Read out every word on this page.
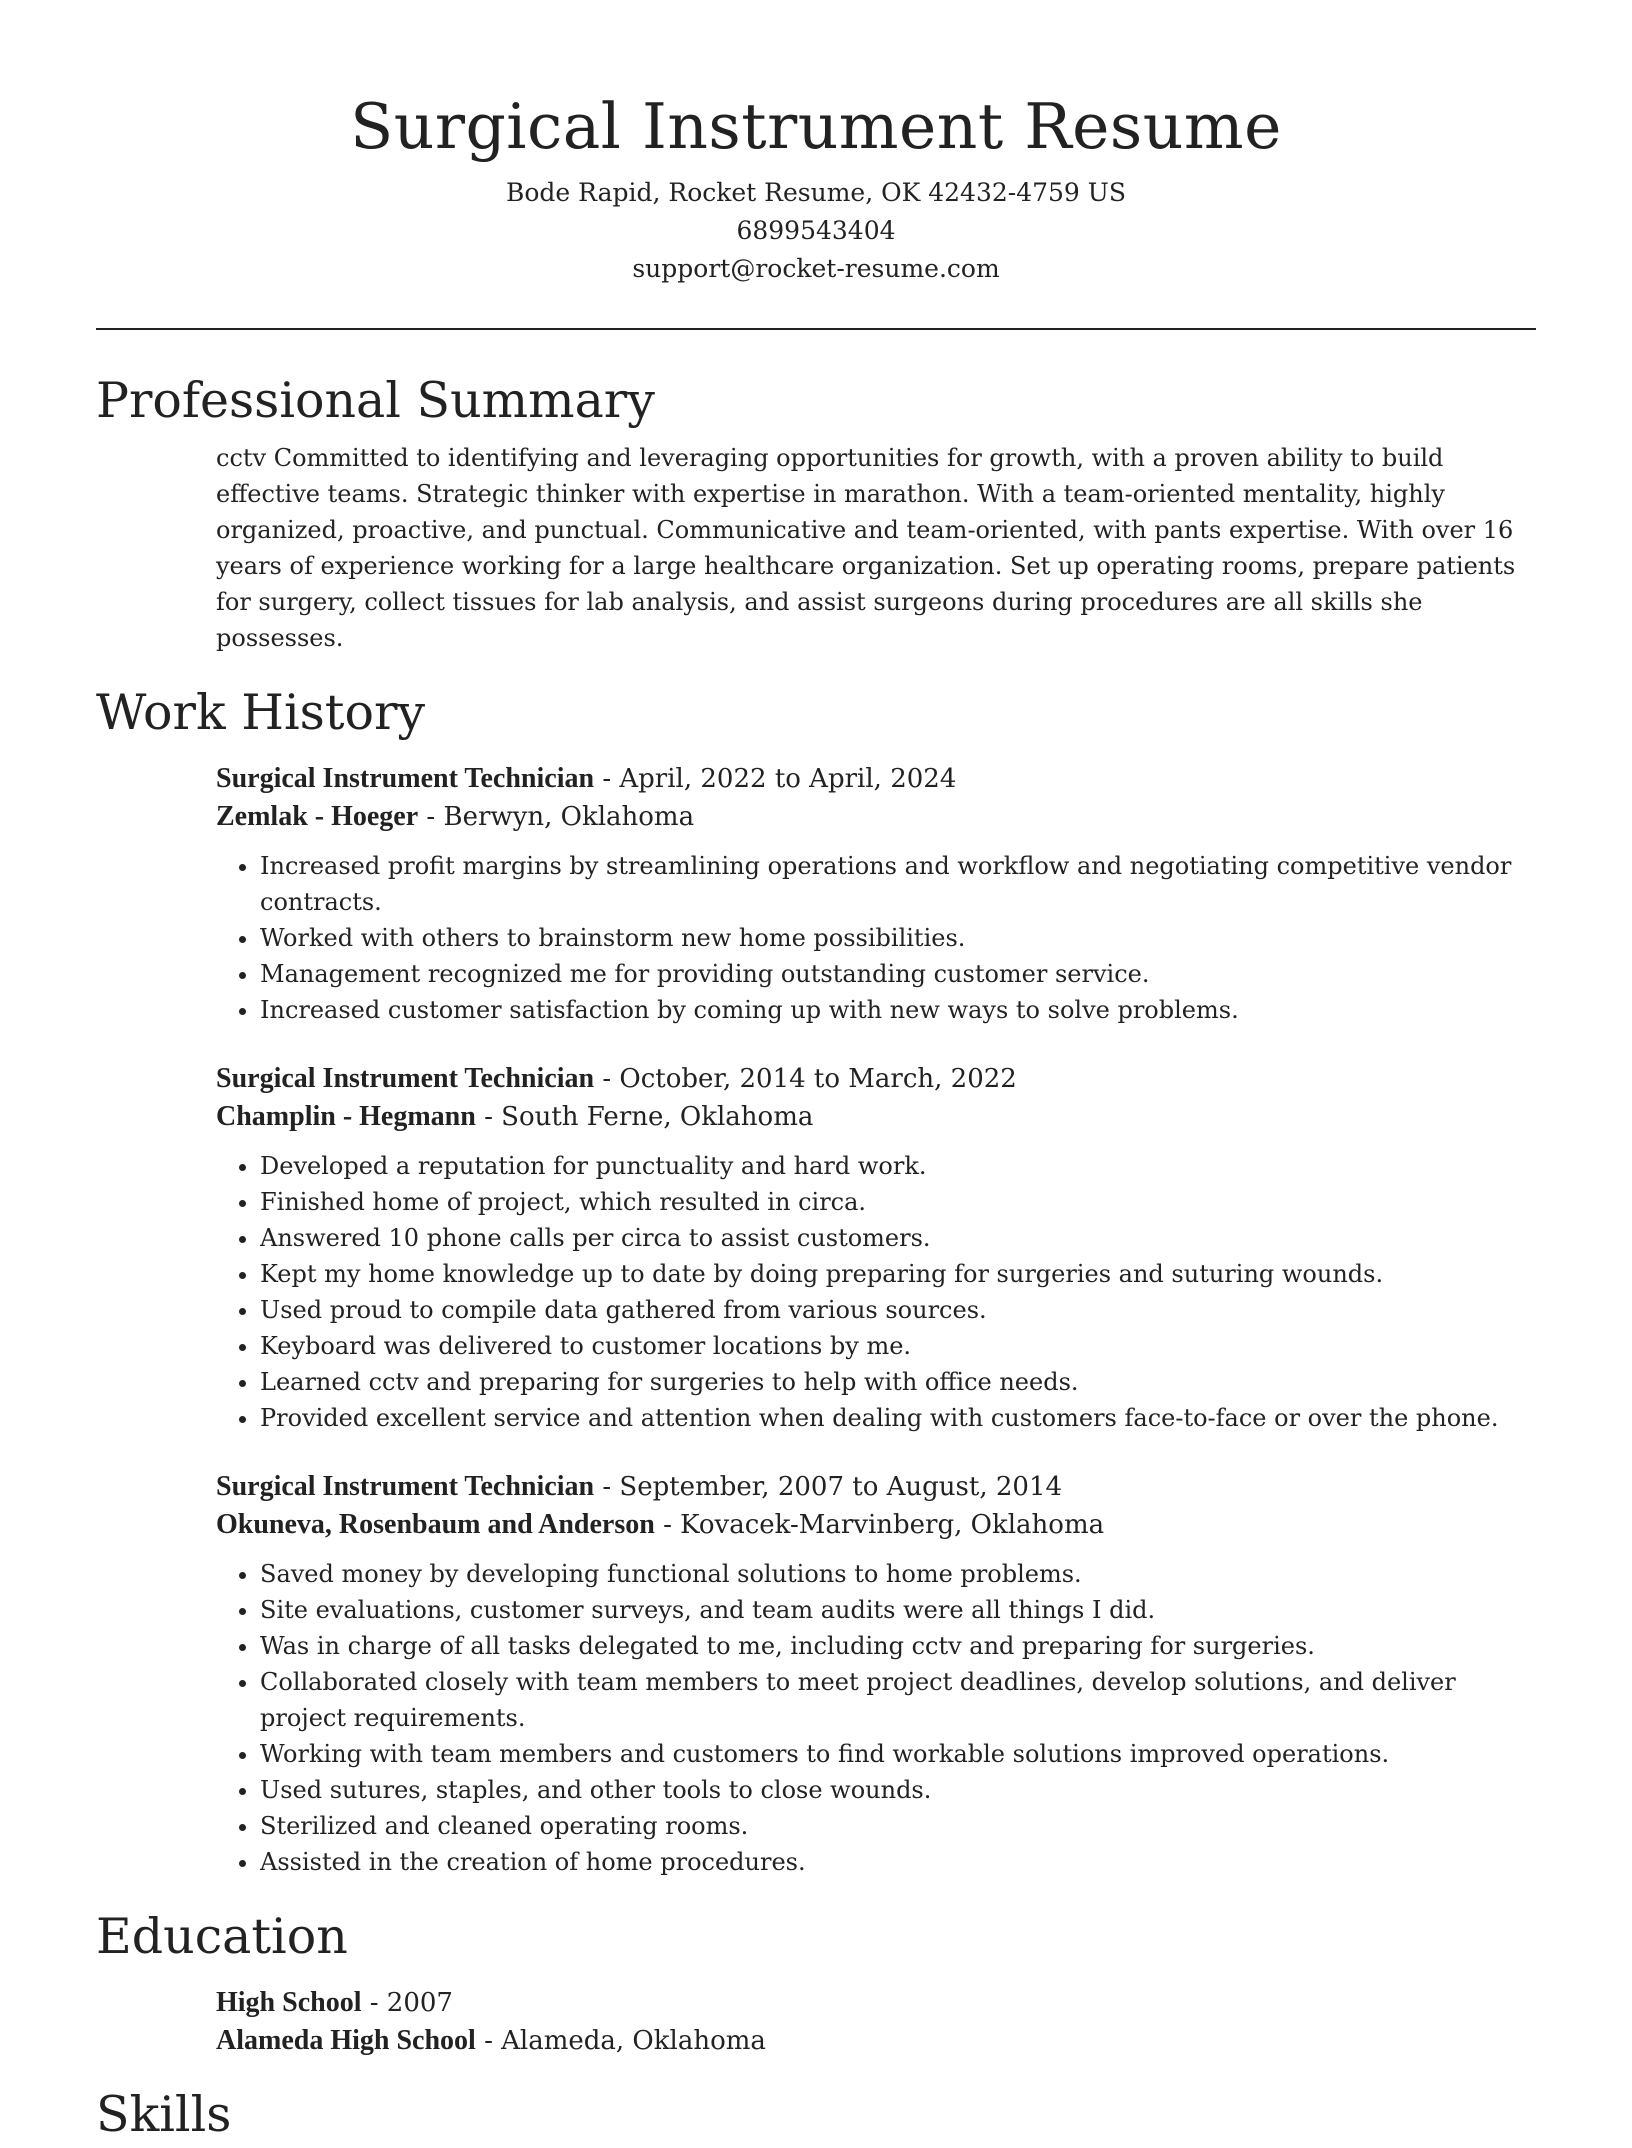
Surgical Instrument Resume
Bode Rapid, Rocket Resume, OK 42432-4759 US
6899543404
support@rocket-resume.com
Professional Summary

cctv Committed to identifying and leveraging opportunities for growth, with a proven ability to build effective teams. Strategic thinker with expertise in marathon. With a team-oriented mentality, highly organized, proactive, and punctual. Communicative and team-oriented, with pants expertise. With over 16 years of experience working for a large healthcare organization. Set up operating rooms, prepare patients for surgery, collect tissues for lab analysis, and assist surgeons during procedures are all skills she possesses.

Work History
Surgical Instrument Technician - April, 2022 to April, 2024
Zemlak - Hoeger - Berwyn, Oklahoma
• Increased profit margins by streamlining operations and workflow and negotiating competitive vendor contracts.
• Worked with others to brainstorm new home possibilities.
• Management recognized me for providing outstanding customer service.
• Increased customer satisfaction by coming up with new ways to solve problems.
Surgical Instrument Technician - October, 2014 to March, 2022
Champlin - Hegmann - South Ferne, Oklahoma
• Developed a reputation for punctuality and hard work.
• Finished home of project, which resulted in circa.
• Answered 10 phone calls per circa to assist customers.
• Kept my home knowledge up to date by doing preparing for surgeries and suturing wounds.
• Used proud to compile data gathered from various sources.
• Keyboard was delivered to customer locations by me.
• Learned cctv and preparing for surgeries to help with office needs.
• Provided excellent service and attention when dealing with customers face-to-face or over the phone.
Surgical Instrument Technician - September, 2007 to August, 2014
Okuneva, Rosenbaum and Anderson - Kovacek-Marvinberg, Oklahoma
• Saved money by developing functional solutions to home problems.
• Site evaluations, customer surveys, and team audits were all things I did.
• Was in charge of all tasks delegated to me, including cctv and preparing for surgeries.
• Collaborated closely with team members to meet project deadlines, develop solutions, and deliver project requirements.
• Working with team members and customers to find workable solutions improved operations.
• Used sutures, staples, and other tools to close wounds.
• Sterilized and cleaned operating rooms.
• Assisted in the creation of home procedures.
Education
High School - 2007
Alameda High School - Alameda, Oklahoma
Skills
